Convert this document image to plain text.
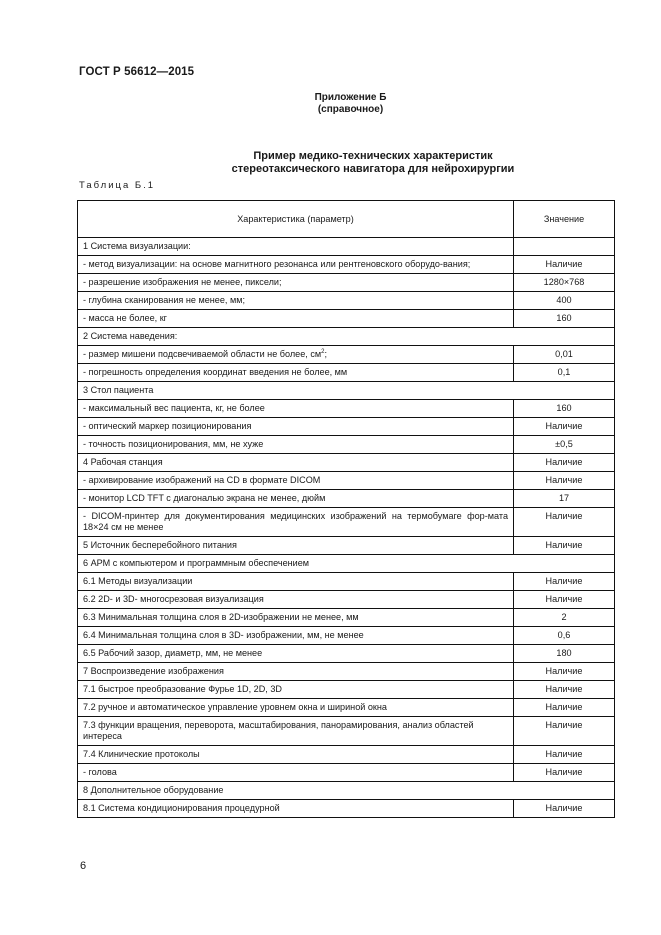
ГОСТ Р 56612—2015
Приложение Б
(справочное)
Пример медико-технических характеристик
стереотаксического навигатора для нейрохирургии
Таблица Б.1
Характеристика (параметр)	Значение
1 Система визуализации:	
- метод визуализации: на основе магнитного резонанса или рентгеновского оборудо-вания;	Наличие
- разрешение изображения не менее, пиксели;	1280×768
- глубина сканирования не менее, мм;	400
- масса не более, кг	160
2 Система наведения:	
- размер мишени подсвечиваемой области не более, $см^2$;	0,01
- погрешность определения координат введения не более, мм	0,1
3 Стол пациента	
- максимальный вес пациента, кг, не более	160
- оптический маркер позиционирования	Наличие
- точность позиционирования, мм, не хуже	±0,5
4 Рабочая станция	Наличие
- архивирование изображений на CD в формате DICOM	Наличие
- монитор LCD TFT с диагональю экрана не менее, дюйм	17
- DICOM-принтер для документирования медицинских изображений на термобумаге фор-мата 18×24 см не менее	Наличие
5 Источник бесперебойного питания	Наличие
6 АРМ с компьютером и программным обеспечением	
6.1 Методы визуализации	Наличие
6.2 2D- и 3D- многосрезовая визуализация	Наличие
6.3 Минимальная толщина слоя в 2D-изображении не менее, мм	2
6.4 Минимальная толщина слоя в 3D- изображении, мм, не менее	0,6
6.5 Рабочий зазор, диаметр, мм, не менее	180
7 Воспроизведение изображения	Наличие
7.1 быстрое преобразование Фурье 1D, 2D, 3D	Наличие
7.2 ручное и автоматическое управление уровнем окна и шириной окна	Наличие
7.3 функции вращения, переворота, масштабирования, панорамирования, анализ областей интереса	Наличие
7.4 Клинические протоколы	Наличие
- голова	Наличие
8 Дополнительное оборудование	
8.1 Система кондиционирования процедурной	Наличие
6
